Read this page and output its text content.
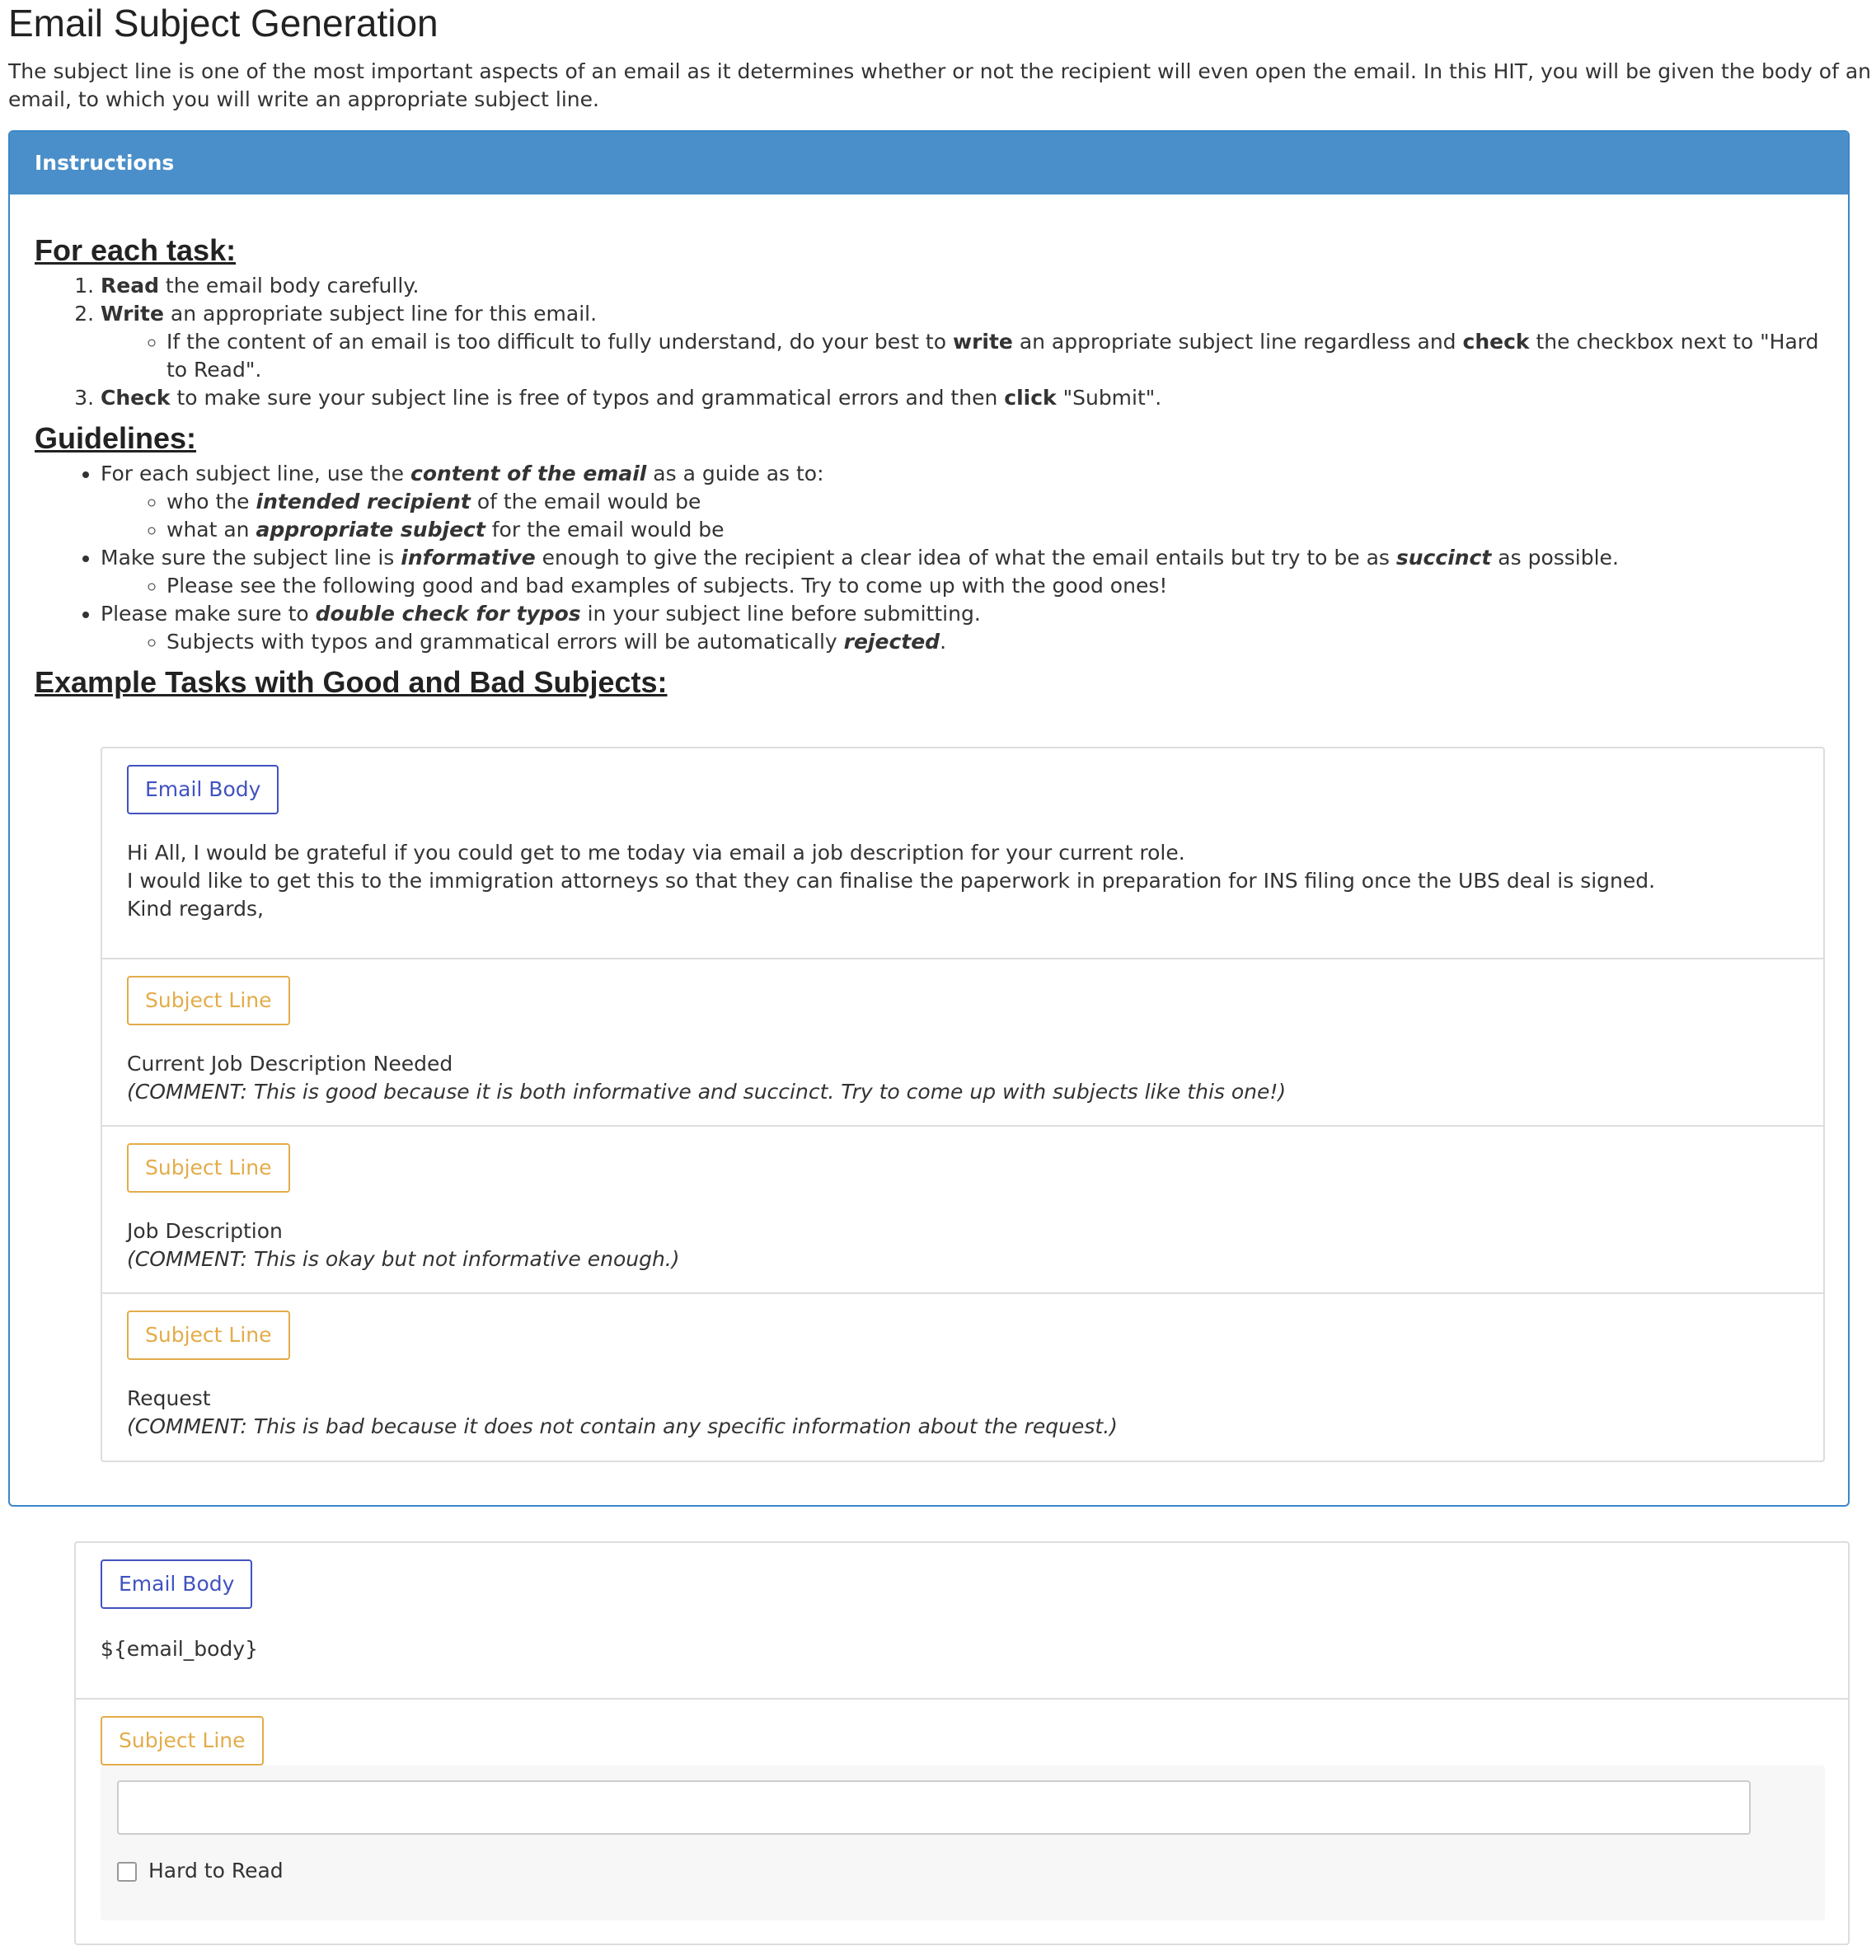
Email Subject Generation

The subject line is one of the most important aspects of an email as it determines whether or not the recipient will even open the email. In this HIT, you will be given the body of an email, to which you will write an appropriate subject line.

Instructions
For each task:
1. Read the email body carefully.
2. Write an appropriate subject line for this email.
◦ If the content of an email is too difficult to fully understand, do your best to write an appropriate subject line regardless and check the checkbox next to "Hard to Read".
3. Check to make sure your subject line is free of typos and grammatical errors and then click "Submit".
Guidelines:
• For each subject line, use the content of the email as a guide as to:
◦ who the intended recipient of the email would be
◦ what an appropriate subject for the email would be
• Make sure the subject line is informative enough to give the recipient a clear idea of what the email entails but try to be as succinct as possible.
◦ Please see the following good and bad examples of subjects. Try to come up with the good ones!
• Please make sure to double check for typos in your subject line before submitting.
◦ Subjects with typos and grammatical errors will be automatically rejected.
Example Tasks with Good and Bad Subjects:
Email Body
Hi All, I would be grateful if you could get to me today via email a job description for your current role.
I would like to get this to the immigration attorneys so that they can finalise the paperwork in preparation for INS filing once the UBS deal is signed.
Kind regards,
Subject Line
Current Job Description Needed
(COMMENT: This is good because it is both informative and succinct. Try to come up with subjects like this one!)
Subject Line
Job Description
(COMMENT: This is okay but not informative enough.)
Subject Line
Request
(COMMENT: This is bad because it does not contain any specific information about the request.)
Email Body
${email_body}
Subject Line
Hard to Read
